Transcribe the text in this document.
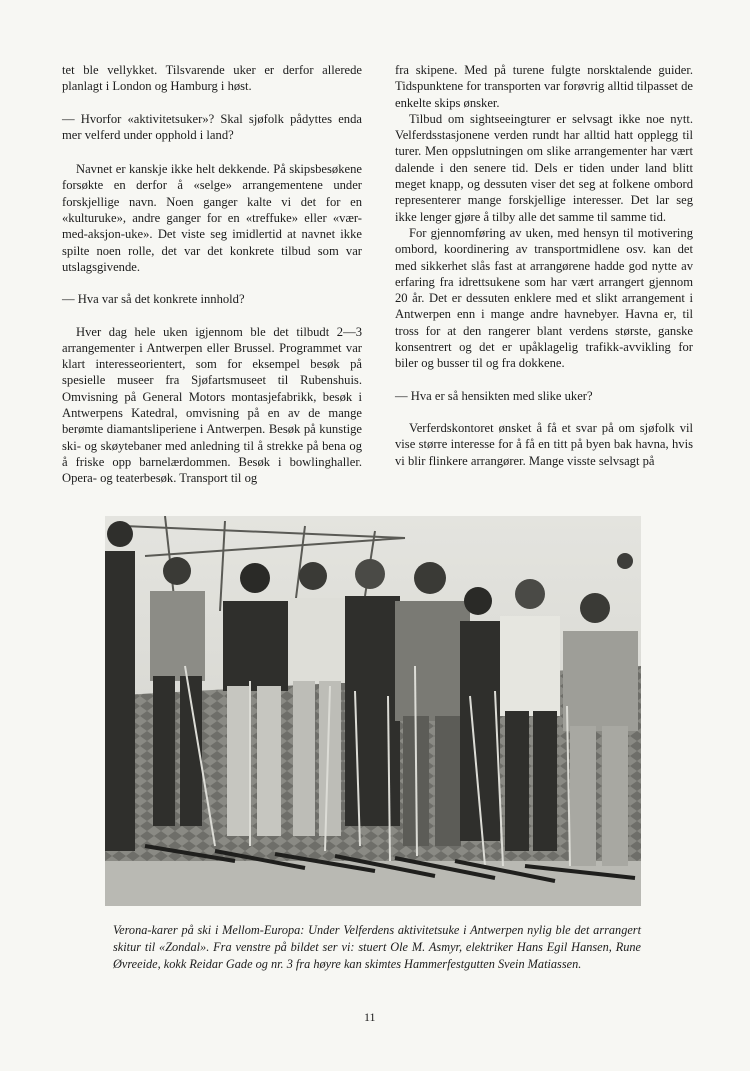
tet ble vellykket. Tilsvarende uker er derfor allerede planlagt i London og Hamburg i høst.

— Hvorfor «aktivitetsuker»? Skal sjøfolk pådyttes enda mer velferd under opphold i land?

Navnet er kanskje ikke helt dekkende. På skipsbesøkene forsøkte en derfor å «selge» arrangementene under forskjellige navn. Noen ganger kalte vi det for en «kulturuke», andre ganger for en «treffuke» eller «vær-med-aksjon-uke». Det viste seg imidlertid at navnet ikke spilte noen rolle, det var det konkrete tilbud som var utslagsgivende.

— Hva var så det konkrete innhold?

Hver dag hele uken igjennom ble det tilbudt 2—3 arrangementer i Antwerpen eller Brussel. Programmet var klart interesseorientert, som for eksempel besøk på spesielle museer fra Sjøfartsmuseet til Rubenshuis. Omvisning på General Motors montasjefabrikk, besøk i Antwerpens Katedral, omvisning på en av de mange berømte diamantsliperiene i Antwerpen. Besøk på kunstige ski- og skøytebaner med anledning til å strekke på bena og å friske opp barnelærdommen. Besøk i bowlinghaller. Opera- og teaterbesøk. Transport til og

fra skipene. Med på turene fulgte norsktalende guider. Tidspunktene for transporten var forøvrig alltid tilpasset de enkelte skips ønsker.

Tilbud om sightseeingturer er selvsagt ikke noe nytt. Velferdsstasjonene verden rundt har alltid hatt opplegg til turer. Men oppslutningen om slike arrangementer har vært dalende i den senere tid. Dels er tiden under land blitt meget knapp, og dessuten viser det seg at folkene ombord representerer mange forskjellige interesser. Det lar seg ikke lenger gjøre å tilby alle det samme til samme tid.

For gjennomføring av uken, med hensyn til motivering ombord, koordinering av transportmidlene osv. kan det med sikkerhet slås fast at arrangørene hadde god nytte av erfaring fra idrettsukene som har vært arrangert gjennom 20 år. Det er dessuten enklere med et slikt arrangement i Antwerpen enn i mange andre havnebyer. Havna er, til tross for at den rangerer blant verdens største, ganske konsentrert og det er upåklagelig trafikk-avvikling for biler og busser til og fra dokkene.

— Hva er så hensikten med slike uker?

Verferdskontoret ønsket å få et svar på om sjøfolk vil vise større interesse for å få en titt på byen bak havna, hvis vi blir flinkere arrangører. Mange visste selvsagt på

Verona-karer på ski i Mellom-Europa: Under Velferdens aktivitetsuke i Antwerpen nylig ble det arrangert skitur til «Zondal». Fra venstre på bildet ser vi: stuert Ole M. Asmyr, elektriker Hans Egil Hansen, Rune Øvreeide, kokk Reidar Gade og nr. 3 fra høyre kan skimtes Hammerfestgutten Svein Matiassen.
11
